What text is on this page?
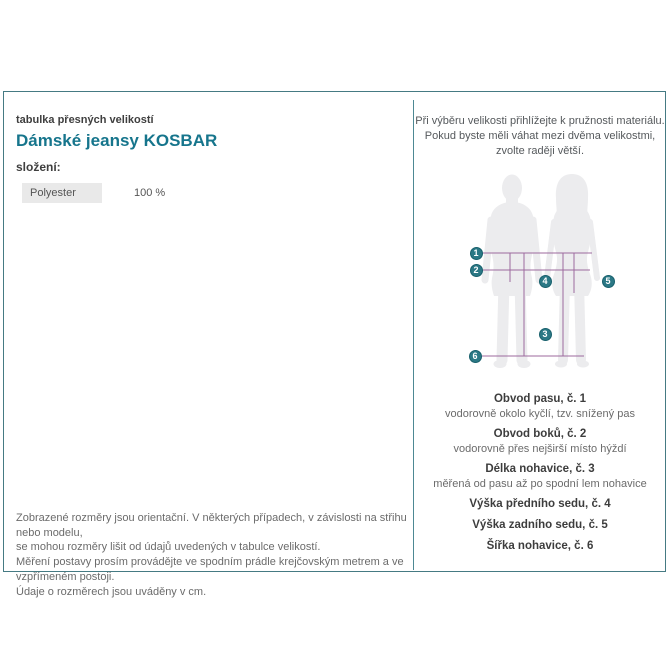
tabulka přesných velikostí
Dámské jeansy KOSBAR
složení:
Polyester	100 %
Zobrazené rozměry jsou orientační. V některých případech, v závislosti na střihu nebo modelu,
se mohou rozměry lišit od údajů uvedených v tabulce velikostí.
Měření postavy prosím provádějte ve spodním prádle krejčovským metrem a ve vzpřímeném postoji.
Údaje o rozměrech jsou uváděny v cm.
Při výběru velikosti přihlížejte k pružnosti materiálu.
Pokud byste měli váhat mezi dvěma velikostmi,
zvolte raději větší.
1
2
4	5
3
6
Obvod pasu, č. 1
vodorovně okolo kyčlí, tzv. snížený pas
Obvod boků, č. 2
vodorovně přes nejširší místo hýždí
Délka nohavice, č. 3
měřená od pasu až po spodní lem nohavice
Výška předního sedu, č. 4
Výška zadního sedu, č. 5
Šířka nohavice, č. 6
